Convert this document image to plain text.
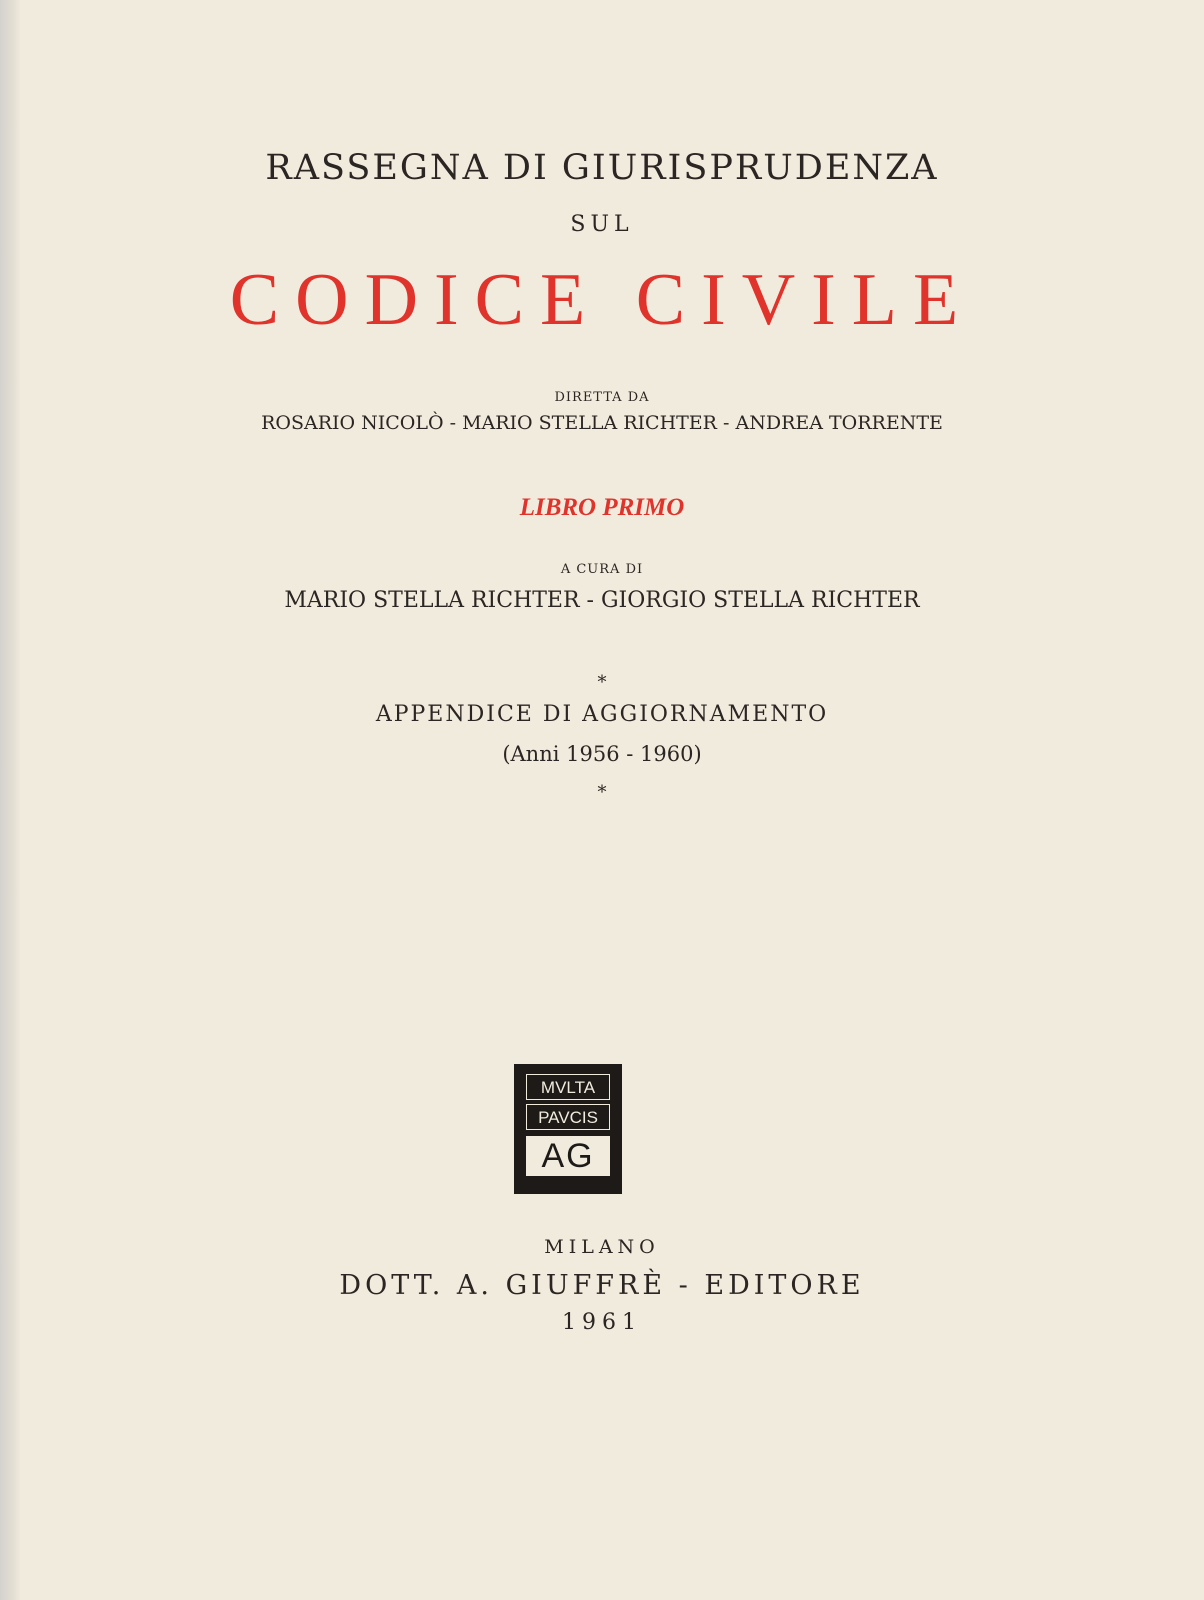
RASSEGNA DI GIURISPRUDENZA
SUL
CODICE CIVILE
DIRETTA DA
ROSARIO NICOLÒ - MARIO STELLA RICHTER - ANDREA TORRENTE
LIBRO PRIMO
A CURA DI
MARIO STELLA RICHTER - GIORGIO STELLA RICHTER
*
APPENDICE DI AGGIORNAMENTO
(Anni 1956 - 1960)
*
MVLTA
PAVCIS
AG
MILANO
DOTT. A. GIUFFRÈ - EDITORE
1961
